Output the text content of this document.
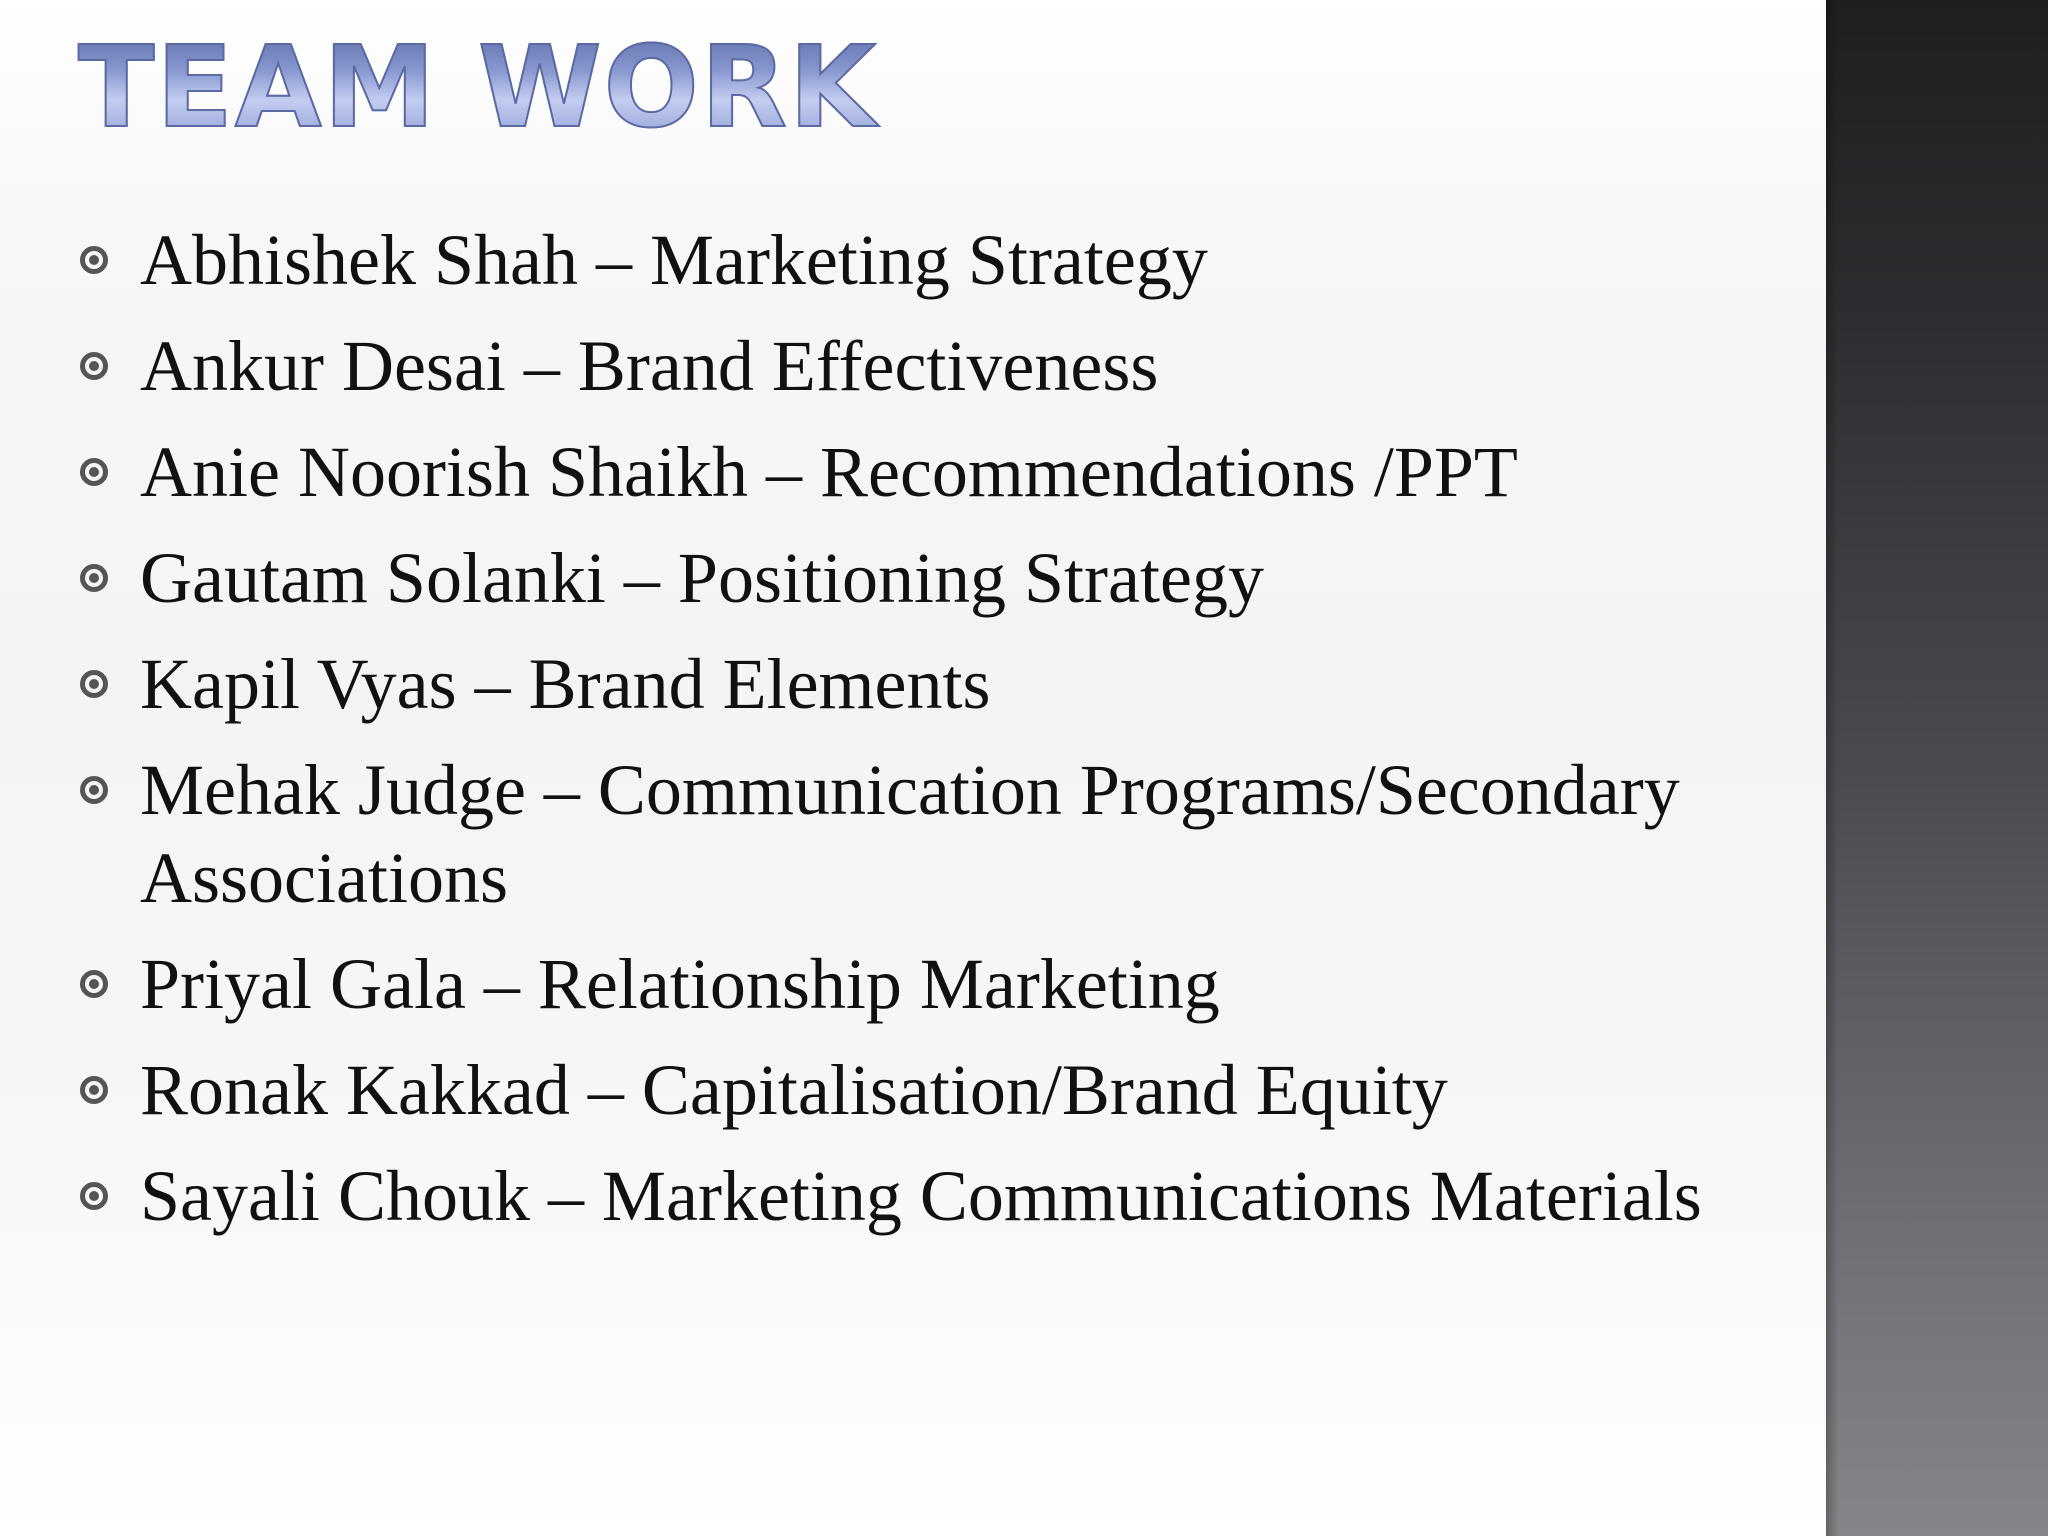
TEAM WORK
Abhishek Shah – Marketing Strategy
Ankur Desai – Brand Effectiveness
Anie Noorish Shaikh – Recommendations /PPT
Gautam Solanki – Positioning Strategy
Kapil Vyas – Brand Elements
Mehak Judge – Communication Programs/Secondary Associations
Priyal Gala – Relationship Marketing
Ronak Kakkad – Capitalisation/Brand Equity
Sayali Chouk – Marketing Communications Materials
